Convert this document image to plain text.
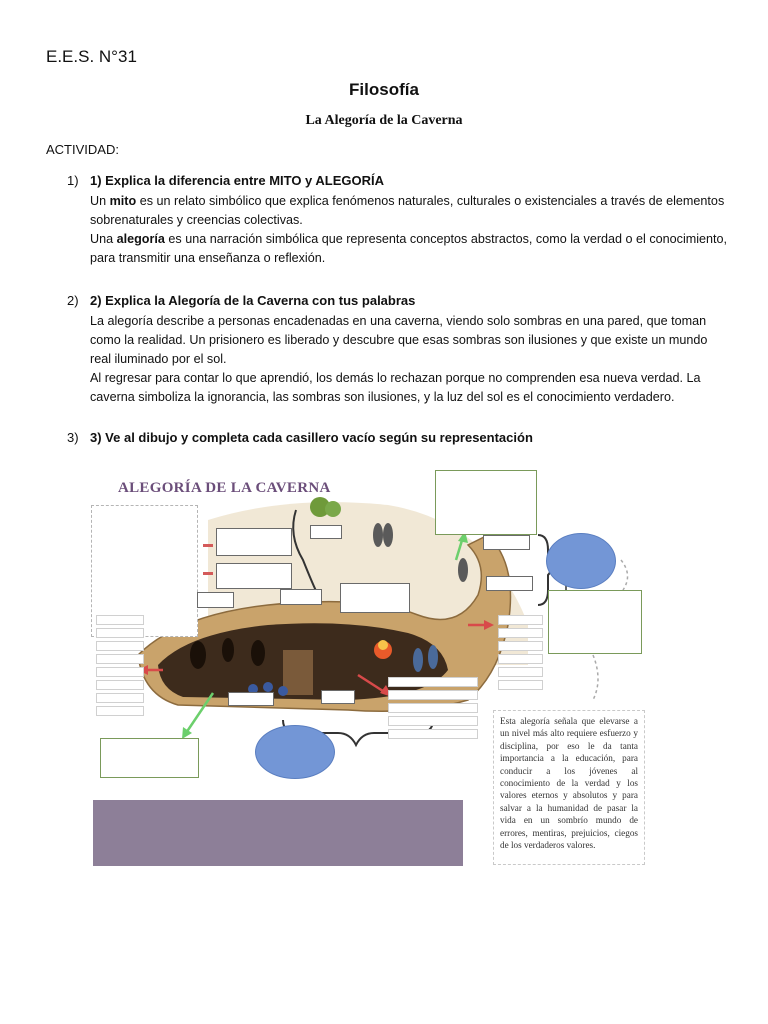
E.E.S. N°31
Filosofía
La Alegoría de la Caverna
ACTIVIDAD:
1) 1) Explica la diferencia entre MITO y ALEGORÍA
Un mito es un relato simbólico que explica fenómenos naturales, culturales o existenciales a través de elementos
sobrenaturales y creencias colectivas.
Una alegoría es una narración simbólica que representa conceptos abstractos, como la verdad o el conocimiento,
para transmitir una enseñanza o reflexión.
2) 2) Explica la Alegoría de la Caverna con tus palabras
La alegoría describe a personas encadenadas en una caverna, viendo solo sombras en una pared, que toman
como la realidad. Un prisionero es liberado y descubre que esas sombras son ilusiones y que existe un mundo
real iluminado por el sol.
Al regresar para contar lo que aprendió, los demás lo rechazan porque no comprenden esa nueva verdad. La
caverna simboliza la ignorancia, las sombras son ilusiones, y la luz del sol es el conocimiento verdadero.
3) 3) Ve al dibujo y completa cada casillero vacío según su representación
ALEGORÍA DE LA CAVERNA
Esta alegoría señala que elevarse a un nivel más alto requiere esfuerzo y disciplina, por eso le da tanta importancia a la educación, para conducir a los jóvenes al conocimiento de la verdad y los valores eternos y absolutos y para salvar a la humanidad de pasar la vida en un sombrío mundo de errores, mentiras, prejuicios, ciegos de los verdaderos valores.
